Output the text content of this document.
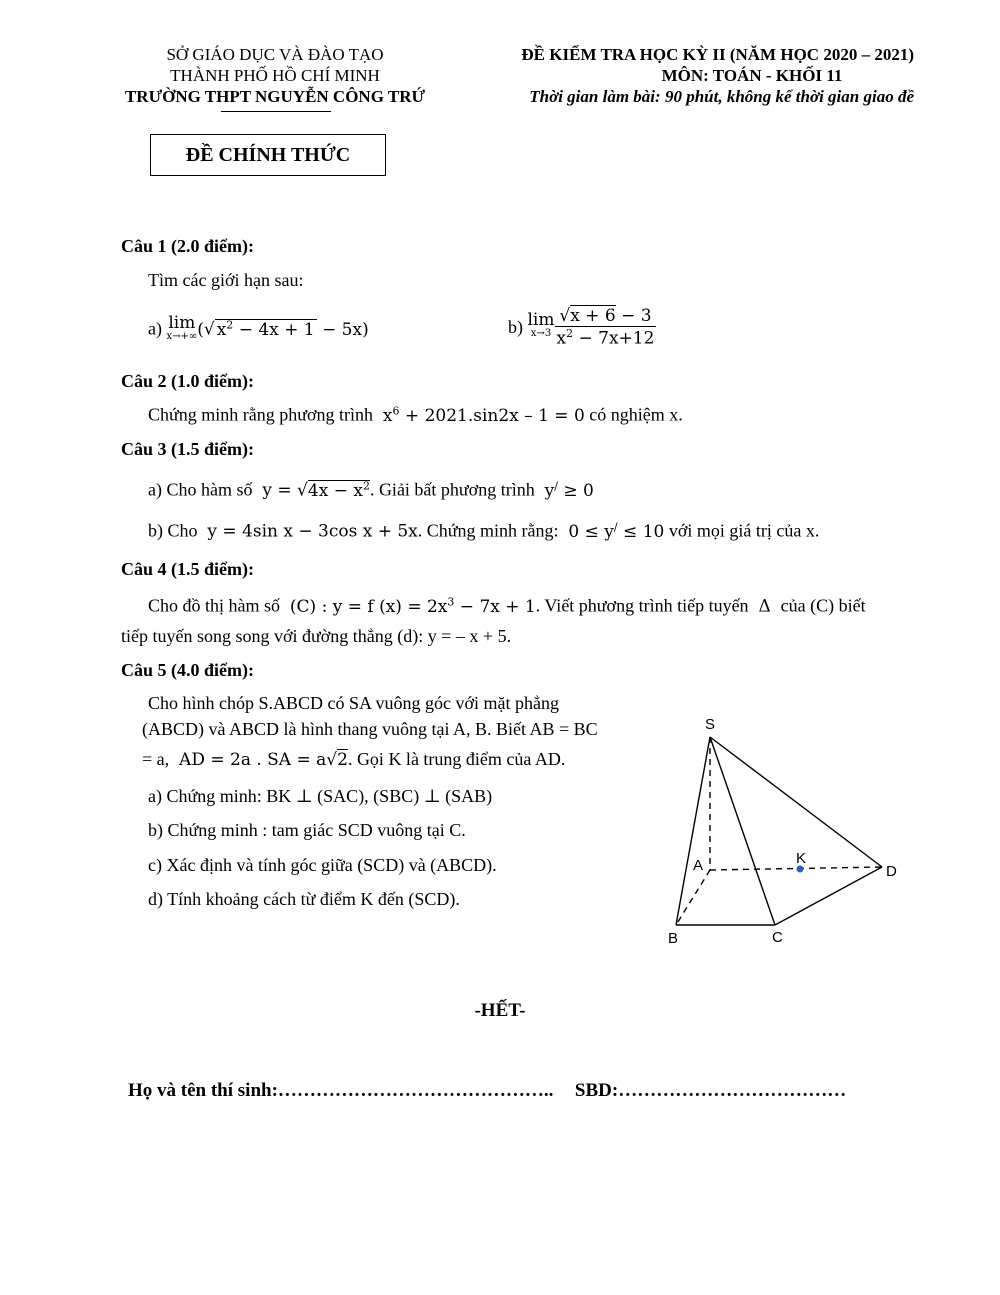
SỞ GIÁO DỤC VÀ ĐÀO TẠO
THÀNH PHỐ HỒ CHÍ MINH
TRƯỜNG THPT NGUYỄN CÔNG TRỨ
ĐỀ KIỂM TRA HỌC KỲ II (NĂM HỌC 2020 – 2021)
MÔN: TOÁN - KHỐI 11
Thời gian làm bài: 90 phút, không kể thời gian giao đề
ĐỀ CHÍNH THỨC
Câu 1 (2.0 điểm):
Tìm các giới hạn sau:
a) lim
x→+∞ (√ $x^2 - 4x + 1 - 5x$)	b) lim
$x\to 3 \frac{√x + 6 - 3}{x^2 - 7x+12}$
Câu 2 (1.0 điểm):
Chứng minh rằng phương trình  $x^6 + 2021.\sin 2x - 1 = 0$ có nghiệm x.
Câu 3 (1.5 điểm):
a) Cho hàm số  $y = √4x - x^2$. Giải bất phương trình  y/ ≥ 0
b) Cho  y = 4sin x − 3cos x + 5x. Chứng minh rằng:  0 ≤ y/ ≤ 10 với mọi giá trị của x.
Câu 4 (1.5 điểm):
Cho đồ thị hàm số  (C) : y = f $(x) = 2x^3 - 7x + 1$. Viết phương trình tiếp tuyến  Δ  của (C) biết
tiếp tuyến song song với đường thẳng (d): y = – x + 5.
Câu 5 (4.0 điểm):
Cho hình chóp S.ABCD có SA vuông góc với mặt phẳng
(ABCD) và ABCD là hình thang vuông tại A, B. Biết AB = BC
= a,  AD = 2a . SA = a√2. Gọi K là trung điểm của AD.
a) Chứng minh: BK ⊥ (SAC), (SBC) ⊥ (SAB)
b) Chứng minh : tam giác SCD vuông tại C.
c) Xác định và tính góc giữa (SCD) và (ABCD).
d) Tính khoảng cách từ điểm K đến (SCD).
S
A	K
D
B	C
-HẾT-
Họ và tên thí sinh:…………………………………….. SBD:………………………………
